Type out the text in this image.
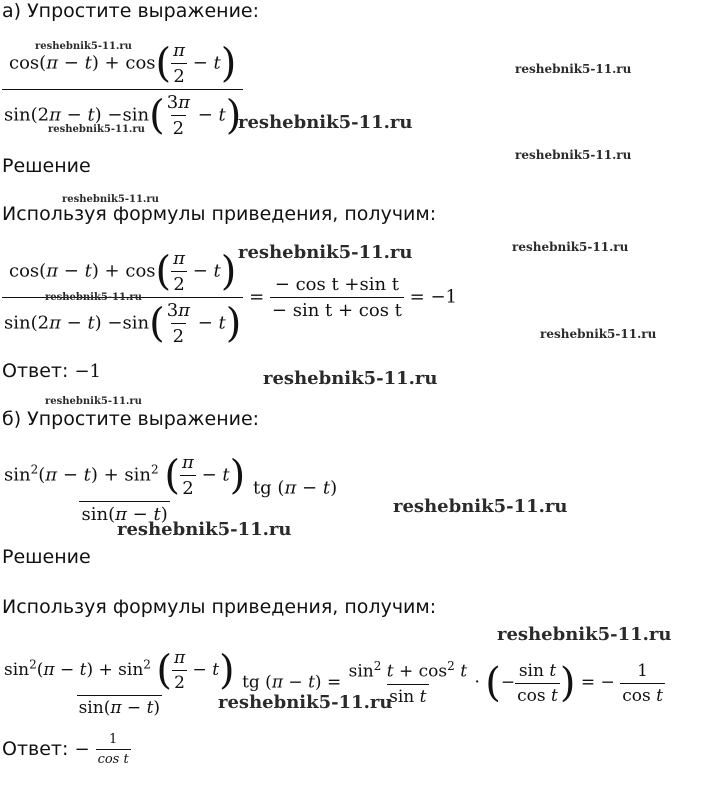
а) Упростите выражение:
$\frac{\cos(\pi - t) + \cos( \frac{\pi}{2} - t)}{\sin(2\pi - t) -\sin( \frac{3\pi}{2} - t)}$
Решение
Используя формулы приведения, получим:
$\frac{\cos(\pi - t) + \cos( \frac{\pi}{2} - t)}{\sin(2\pi - t) -\sin( \frac{3\pi}{2} - t)} = \frac{\text{− cos t +sin t}}{\text{− sin t + cos t}} = -1$
Ответ: −1
б) Упростите выражение:
$\frac{\sin^2(\pi - t) + \sin^2 ( \frac{\pi}{2} - t)}{\sin(\pi - t)}$ tg (π − t)
Решение
Используя формулы приведения, получим:
$\frac{\sin^2(\pi - t) + \sin^2 ( \frac{\pi}{2} - t)}{\sin(\pi - t)}$ tg $(\pi - t) = \frac{\sin^2 t + \cos^2 t}{\text{sin t}}$ · (− $\frac{\text{sin t}}{\text{cos t}}$ ) = − $\frac{1}{\text{cos t}}$
Ответ: − $\frac{1}{\text{cos t}}$
reshebnik5-11.ru
reshebnik5-11.ru
reshebnik5-11.ru	reshebnik5-11.ru
reshebnik5-11.ru
reshebnik5-11.ru
reshebnik5-11.ru	reshebnik5-11.ru
reshebnik5-11.ru
reshebnik5-11.ru
reshebnik5-11.ru
reshebnik5-11.ru
reshebnik5-11.ru
reshebnik5-11.ru
reshebnik5-11.ru
reshebnik5-11.ru
